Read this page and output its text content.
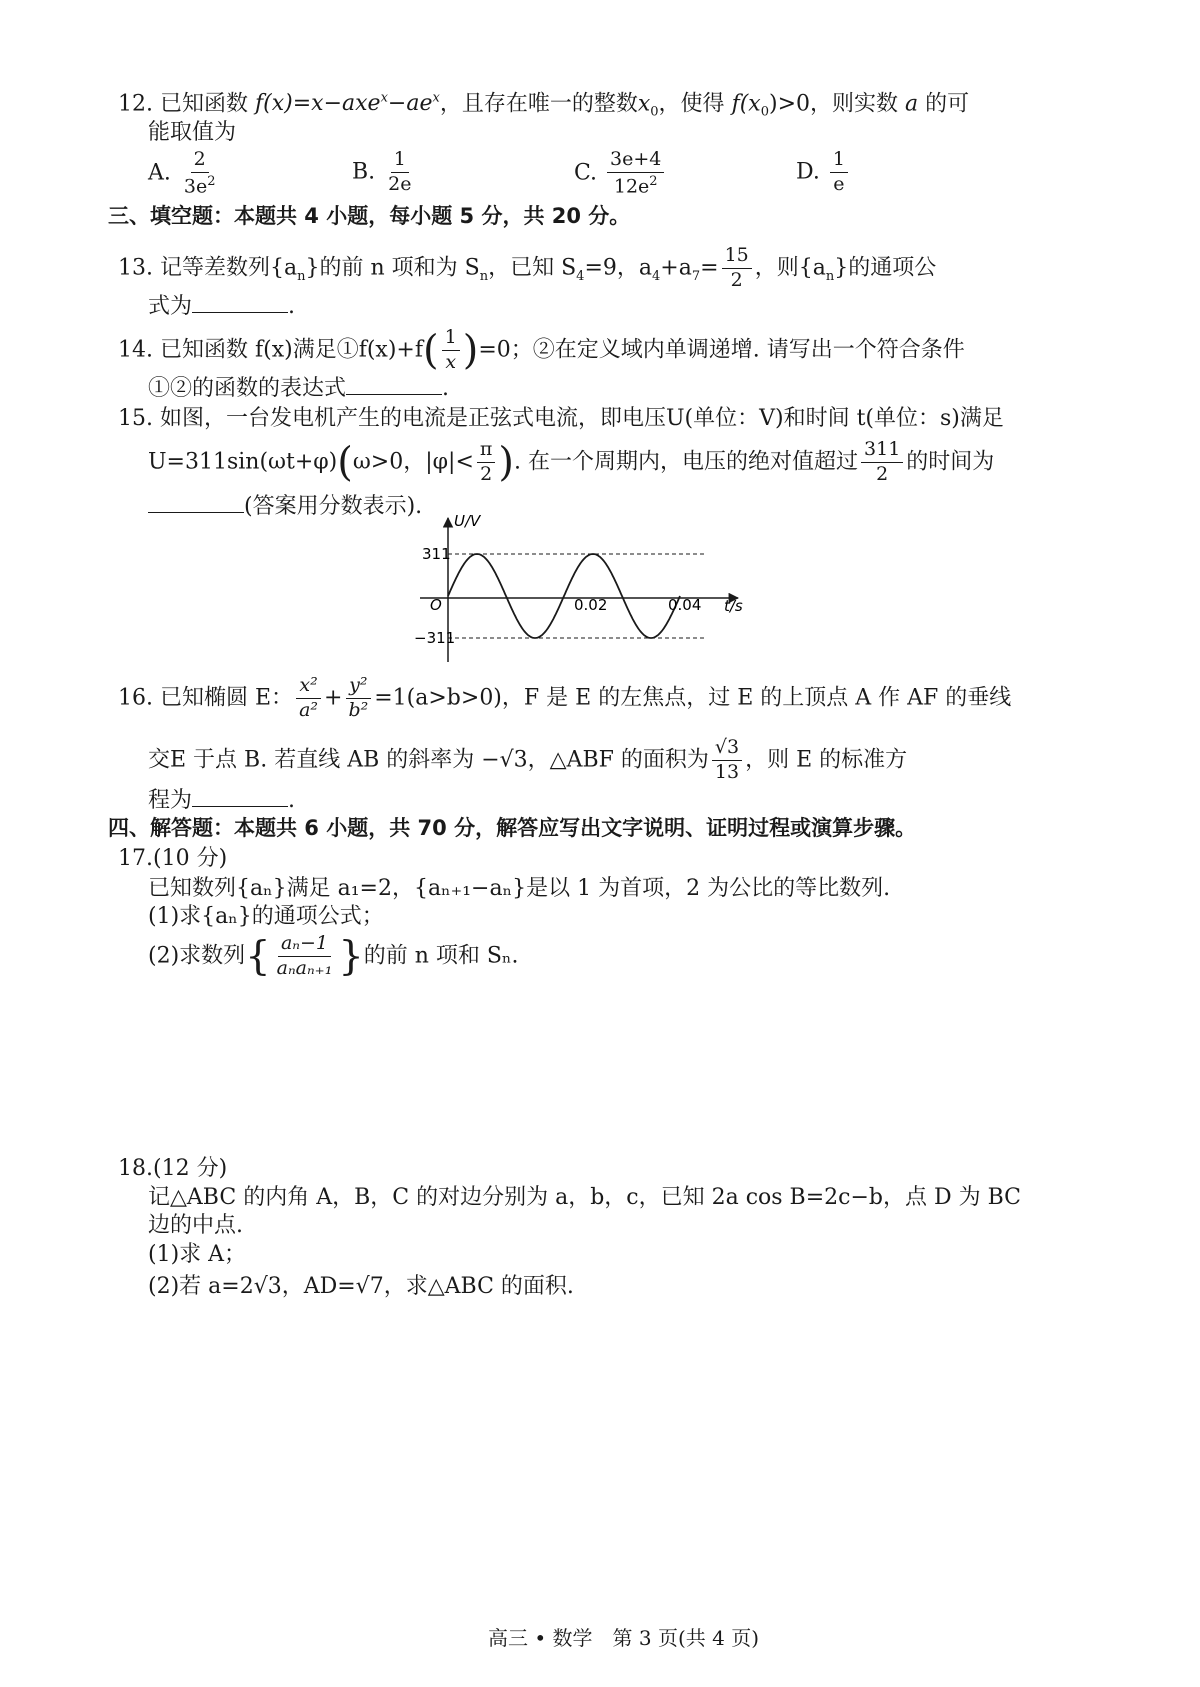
12. 已知函数 $f(x)=x-axe^x-ae^x$，且存在唯一的整数$x_0$，使得 $f(x_0)>0$，则实数 a 的可
能取值为
A. $\frac{2}{3e^2}$	B. $\frac{1}{2e}$	C. $\frac{3e+4}{12e^2}$	D. $\frac{1}{e}$
三、填空题：本题共 4 小题，每小题 5 分，共 20 分。
13. 记等差数列$\{a_n\}$的前 n 项和为 $S_n$，已知 $S_4=9$，$a_4+a_7= \frac{15}{2}$ ，则$\{a_n\}$的通项公
式为	.
14. 已知函数 f(x)满足①f(x)+f( $\frac{1}{x} )=0$；②在定义域内单调递增. 请写出一个符合条件
①②的函数的表达式	.
15. 如图，一台发电机产生的电流是正弦式电流，即电压U(单位：V)和时间 t(单位：s)满足
U=311sin(ωt+φ)(ω>0，$|\varphi|< \frac{\pi}{2}$ ). 在一个周期内，电压的绝对值超过 $\frac{311}{2}$ 的时间为
(答案用分数表示).
U/V
311
−311
O	0.02	0.04 t/s
16. 已知椭圆 E： $\frac{\text{x²}}{\text{a²}} + \frac{\text{y²}}{\text{b²}} =1(a>b>0)$，F 是 E 的左焦点，过 E 的上顶点 A 作 AF 的垂线
交E 于点 B. 若直线 AB 的斜率为 −√3，△ABF 的面积为 $\frac{√3}{13}$ ，则 E 的标准方
程为	.
四、解答题：本题共 6 小题，共 70 分，解答应写出文字说明、证明过程或演算步骤。
17.(10 分)
已知数列{aₙ}满足 a₁=2，{aₙ₊₁−aₙ}是以 1 为首项，2 为公比的等比数列.
(1)求{aₙ}的通项公式；
(2)求数列{ $\frac{\text{aₙ−1}}{\text{aₙaₙ₊₁}}$ }的前 n 项和 Sₙ.
18.(12 分)
记△ABC 的内角 A，B，C 的对边分别为 a，b，c，已知 2a cos B=2c−b，点 D 为 BC
边的中点.
(1)求 A；
(2)若 a=2√3，AD=√7，求△ABC 的面积.
高三 • 数学　第 3 页(共 4 页)
